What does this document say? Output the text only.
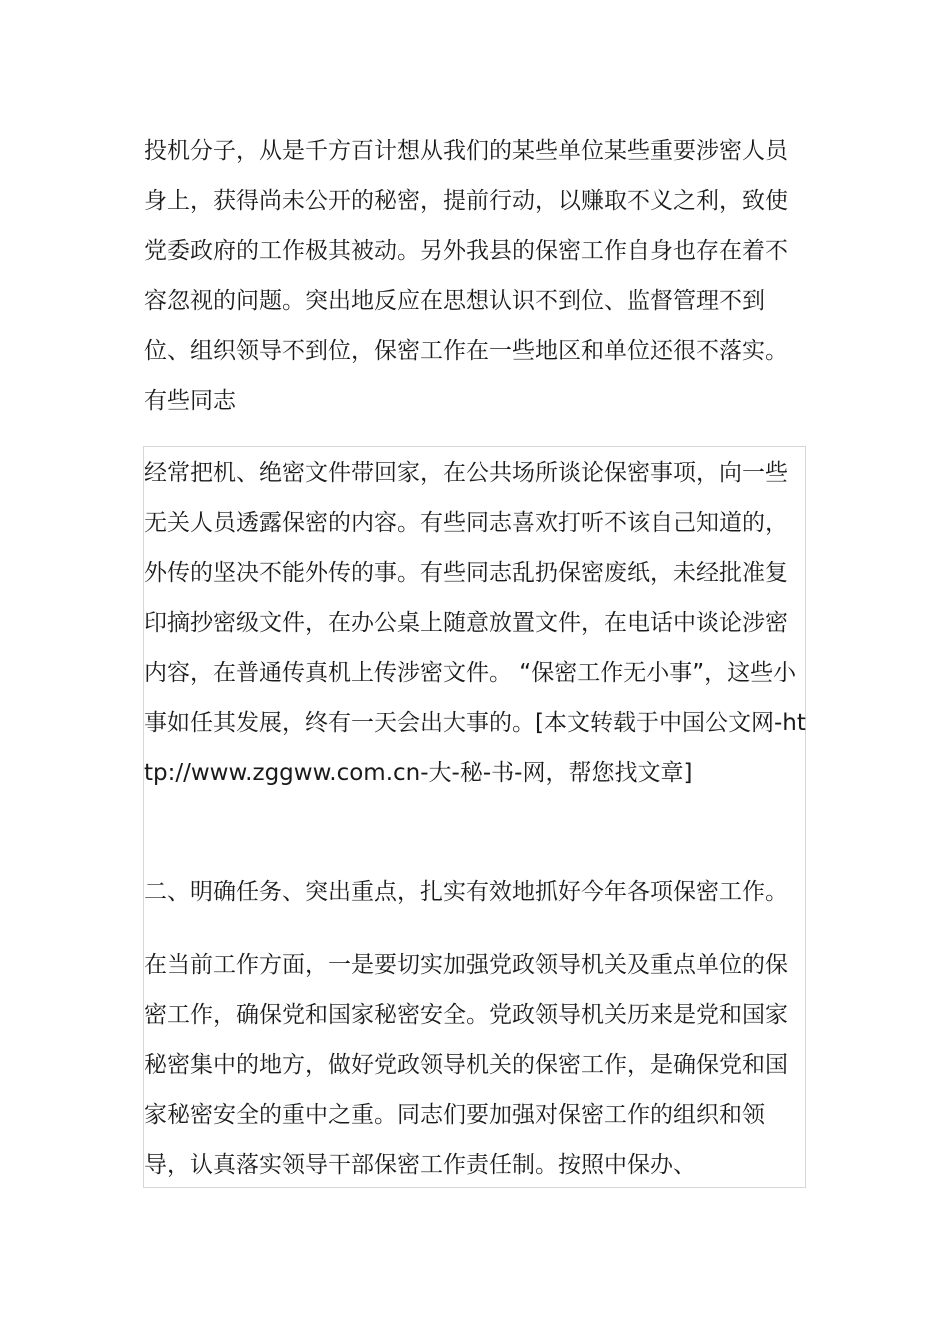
投机分子，从是千方百计想从我们的某些单位某些重要涉密人员身上，获得尚未公开的秘密，提前行动，以赚取不义之利，致使党委政府的工作极其被动。另外我县的保密工作自身也存在着不容忽视的问题。突出地反应在思想认识不到位、监督管理不到位、组织领导不到位，保密工作在一些地区和单位还很不落实。有些同志

经常把机、绝密文件带回家，在公共场所谈论保密事项，向一些无关人员透露保密的内容。有些同志喜欢打听不该自己知道的，外传的坚决不能外传的事。有些同志乱扔保密废纸，未经批准复印摘抄密级文件，在办公桌上随意放置文件，在电话中谈论涉密内容，在普通传真机上传涉密文件。 “保密工作无小事”，这些小事如任其发展，终有一天会出大事的。[本文转载于中国公文网-http://www.zggww.com.cn-大-秘-书-网，帮您找文章]

二、明确任务、突出重点，扎实有效地抓好今年各项保密工作。

在当前工作方面，一是要切实加强党政领导机关及重点单位的保密工作，确保党和国家秘密安全。党政领导机关历来是党和国家秘密集中的地方，做好党政领导机关的保密工作，是确保党和国家秘密安全的重中之重。同志们要加强对保密工作的组织和领导，认真落实领导干部保密工作责任制。按照中保办、
